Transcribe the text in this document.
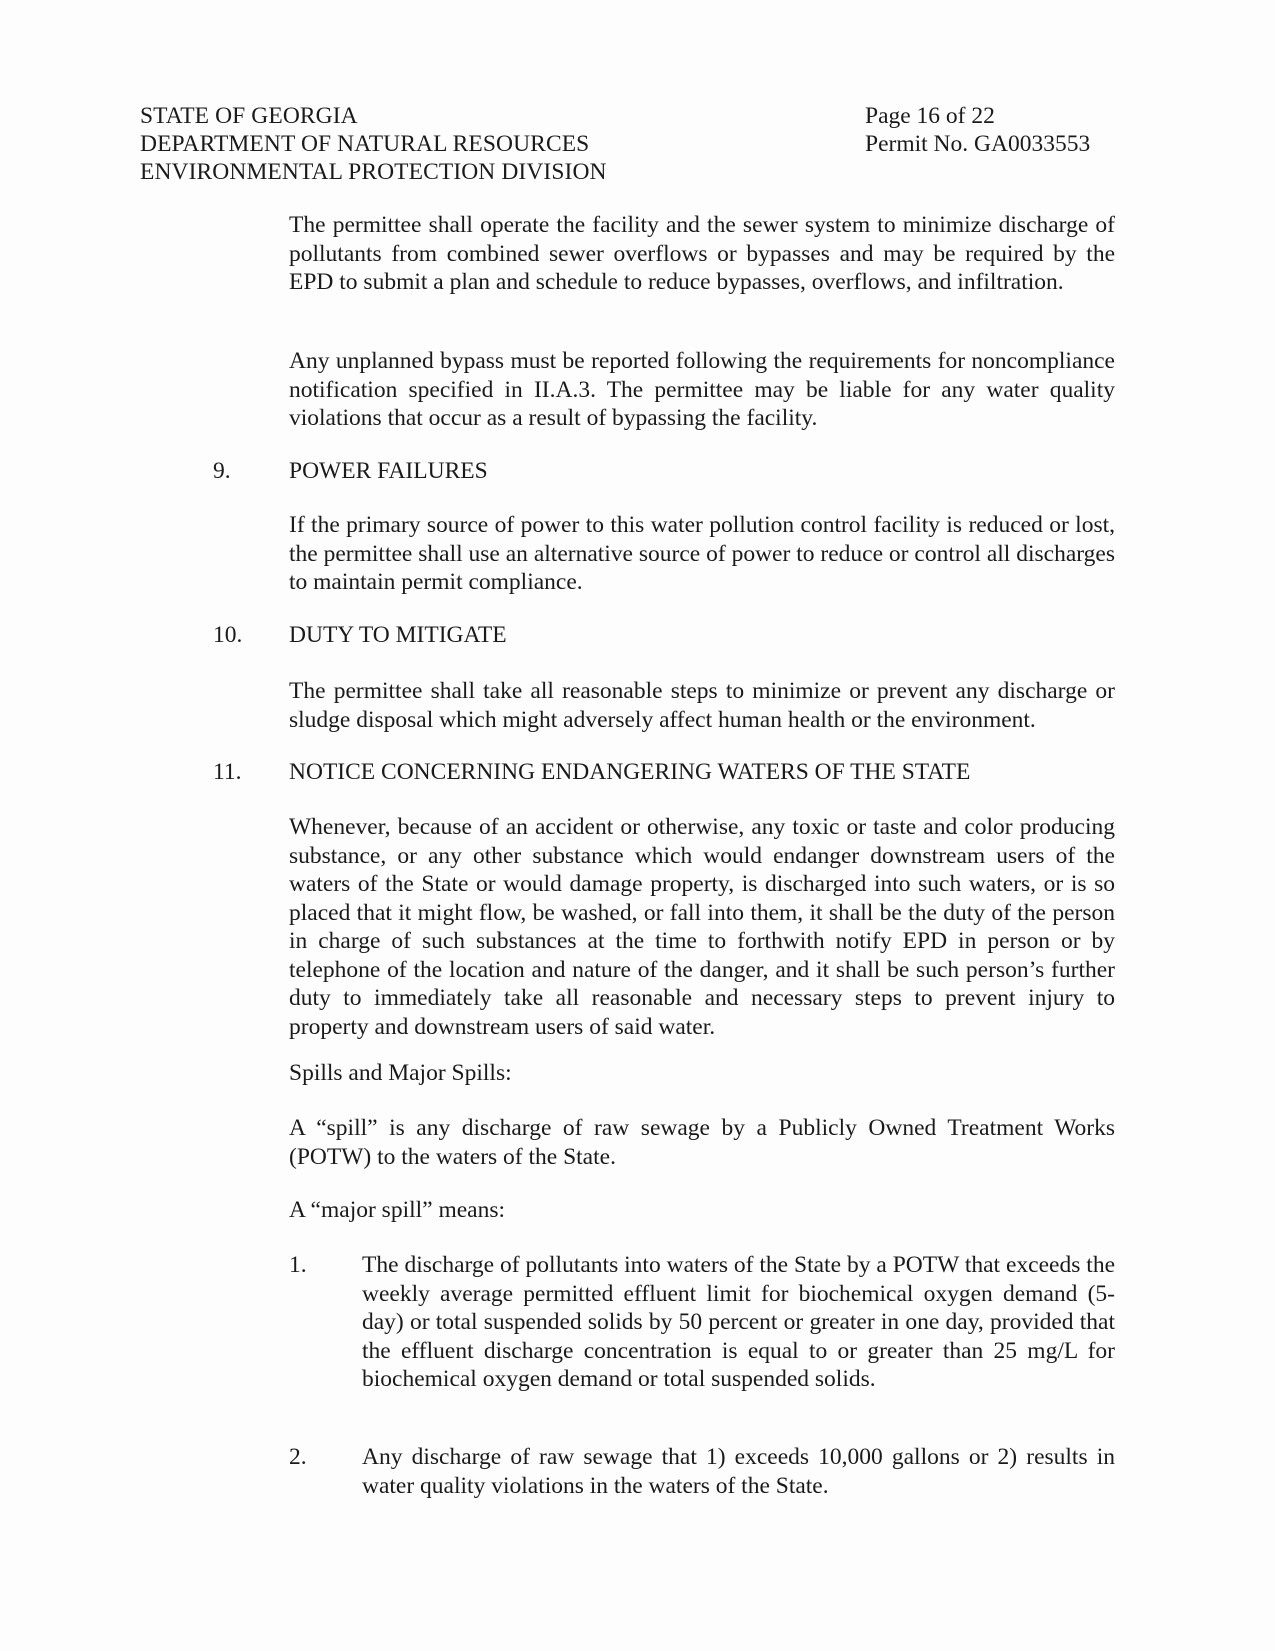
STATE OF GEORGIA
DEPARTMENT OF NATURAL RESOURCES
ENVIRONMENTAL PROTECTION DIVISION
Page 16 of 22
Permit No. GA0033553
The permittee shall operate the facility and the sewer system to minimize discharge of pollutants from combined sewer overflows or bypasses and may be required by the EPD to submit a plan and schedule to reduce bypasses, overflows, and infiltration.
Any unplanned bypass must be reported following the requirements for noncompliance notification specified in II.A.3. The permittee may be liable for any water quality violations that occur as a result of bypassing the facility.
9. POWER FAILURES
If the primary source of power to this water pollution control facility is reduced or lost, the permittee shall use an alternative source of power to reduce or control all discharges to maintain permit compliance.
10. DUTY TO MITIGATE
The permittee shall take all reasonable steps to minimize or prevent any discharge or sludge disposal which might adversely affect human health or the environment.
11. NOTICE CONCERNING ENDANGERING WATERS OF THE STATE
Whenever, because of an accident or otherwise, any toxic or taste and color producing substance, or any other substance which would endanger downstream users of the waters of the State or would damage property, is discharged into such waters, or is so placed that it might flow, be washed, or fall into them, it shall be the duty of the person in charge of such substances at the time to forthwith notify EPD in person or by telephone of the location and nature of the danger, and it shall be such person’s further duty to immediately take all reasonable and necessary steps to prevent injury to property and downstream users of said water.
Spills and Major Spills:
A “spill” is any discharge of raw sewage by a Publicly Owned Treatment Works (POTW) to the waters of the State.
A “major spill” means:
1. The discharge of pollutants into waters of the State by a POTW that exceeds the weekly average permitted effluent limit for biochemical oxygen demand (5-day) or total suspended solids by 50 percent or greater in one day, provided that the effluent discharge concentration is equal to or greater than 25 mg/L for biochemical oxygen demand or total suspended solids.
2. Any discharge of raw sewage that 1) exceeds 10,000 gallons or 2) results in water quality violations in the waters of the State.
